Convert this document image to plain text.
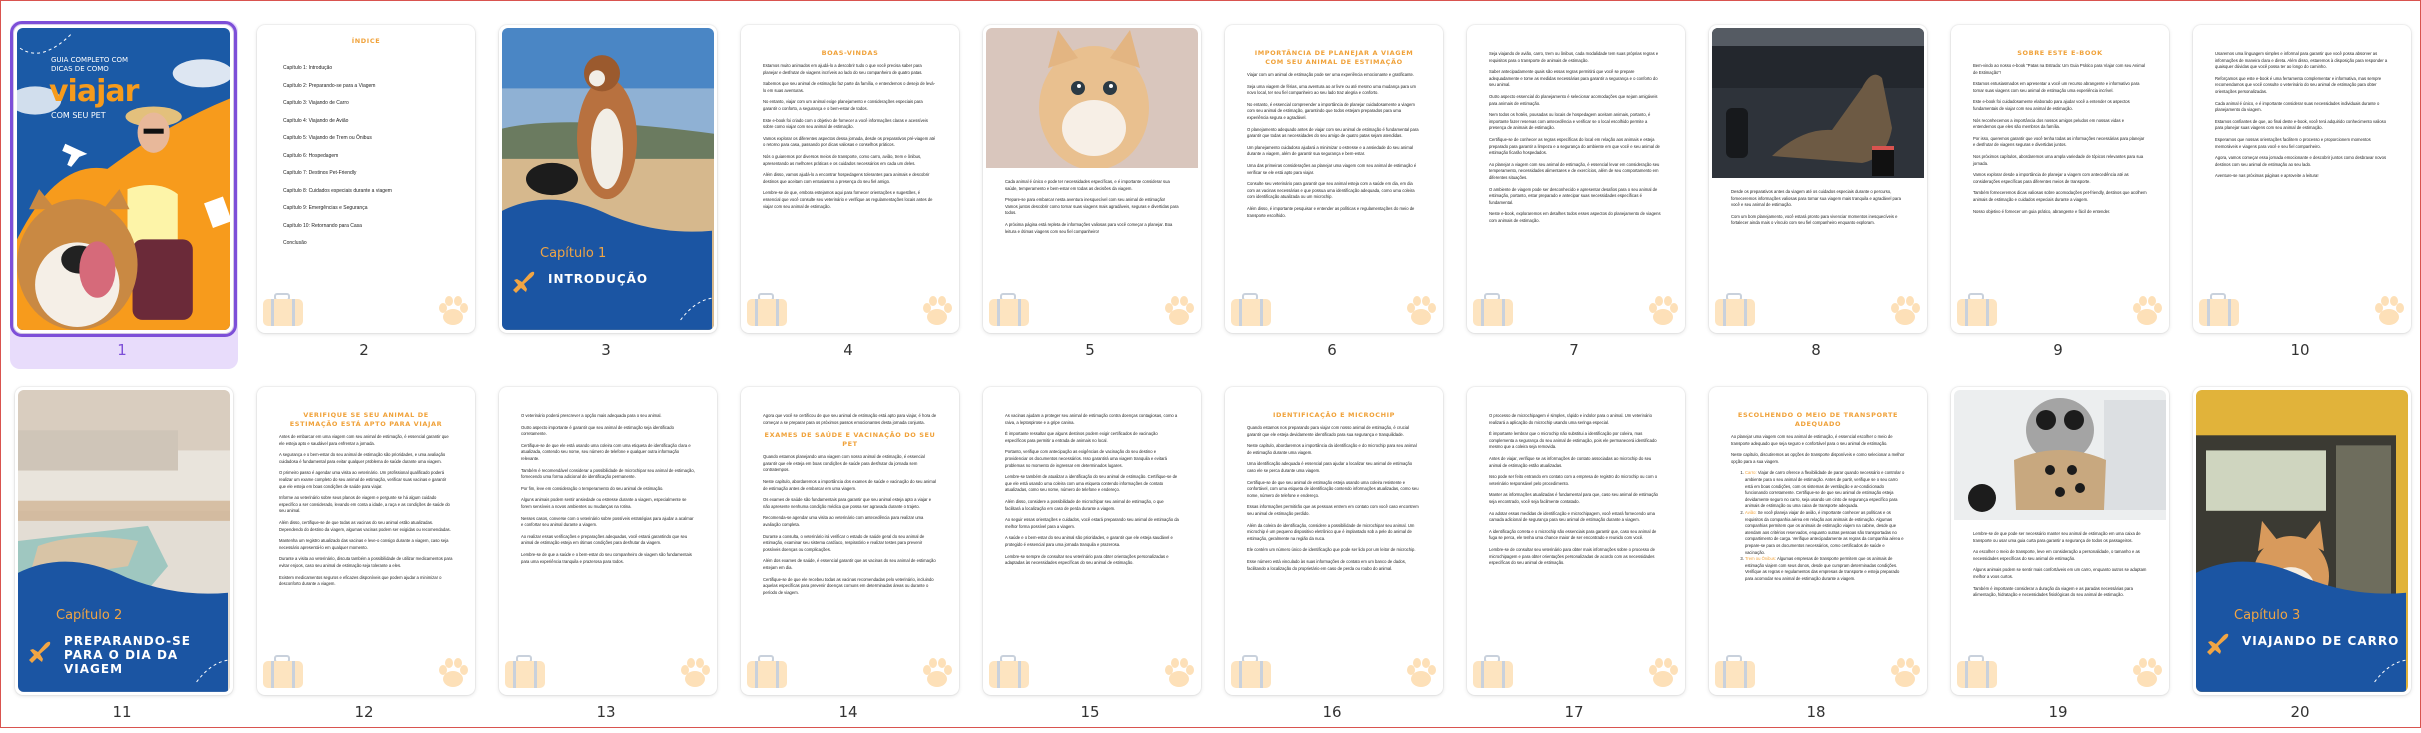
GUIA COMPLETO COM DICAS DE COMO
viajar
COM SEU PET
1
ÍNDICE
Capítulo 1: Introdução
Capítulo 2: Preparando-se para a Viagem
Capítulo 3: Viajando de Carro
Capítulo 4: Viajando de Avião
Capítulo 5: Viajando de Trem ou Ônibus
Capítulo 6: Hospedagem
Capítulo 7: Destinos Pet-Friendly
Capítulo 8: Cuidados especiais durante a viagem
Capítulo 9: Emergências e Segurança
Capítulo 10: Retornando para Casa
Conclusão
2
Capítulo 1
INTRODUÇÃO
3
BOAS-VINDAS

Estamos muito animados em ajudá-lo a descobrir tudo o que você precisa saber para planejar e desfrutar de viagens incríveis ao lado do seu companheiro de quatro patas.

Sabemos que seu animal de estimação faz parte da família, e entendemos o desejo de levá-lo em suas aventuras.

No entanto, viajar com um animal exige planejamento e considerações especiais para garantir o conforto, a segurança e o bem-estar de todos.

Este e-book foi criado com o objetivo de fornecer a você informações claras e acessíveis sobre como viajar com seu animal de estimação.

Vamos explorar os diferentes aspectos dessa jornada, desde os preparativos pré-viagem até o retorno para casa, passando por dicas valiosas e conselhos práticos.

Nós o guiaremos por diversos meios de transporte, como carro, avião, trem e ônibus, apresentando as melhores práticas e os cuidados necessários em cada um deles.

Além disso, vamos ajudá-lo a encontrar hospedagens tolerantes para animais e descobrir destinos que aceitam com entusiasmo a presença do seu fiel amigo.

Lembre-se de que, embora estejamos aqui para fornecer orientações e sugestões, é essencial que você consulte seu veterinário e verifique as regulamentações locais antes de viajar com seu animal de estimação.

4

Cada animal é único e pode ter necessidades específicas, e é importante considerar sua saúde, temperamento e bem-estar em todas as decisões da viagem.

Prepare-se para embarcar nesta aventura inesquecível com seu animal de estimação! Vamos juntos descobrir como tornar suas viagens mais agradáveis, seguras e divertidas para todos.

A próxima página está repleta de informações valiosas para você começar a planejar. Boa leitura e ótimas viagens com seu fiel companheiro!

5
IMPORTÂNCIA DE PLANEJAR A VIAGEM COM SEU ANIMAL DE ESTIMAÇÃO

Viajar com um animal de estimação pode ser uma experiência emocionante e gratificante.

Seja uma viagem de férias, uma aventura ao ar livre ou até mesmo uma mudança para um novo local, ter seu fiel companheiro ao seu lado traz alegria e conforto.

No entanto, é essencial compreender a importância de planejar cuidadosamente a viagem com seu animal de estimação, garantindo que todos estejam preparados para uma experiência segura e agradável.

O planejamento adequado antes de viajar com seu animal de estimação é fundamental para garantir que todas as necessidades do seu amigo de quatro patas sejam atendidas.

Um planejamento cuidadoso ajudará a minimizar o estresse e a ansiedade do seu animal durante a viagem, além de garantir sua segurança e bem-estar.

Uma das primeiras considerações ao planejar uma viagem com seu animal de estimação é verificar se ele está apto para viajar.

Consulte seu veterinário para garantir que seu animal esteja com a saúde em dia, em dia com as vacinas necessárias e que possua uma identificação adequada, como uma coleira com identificação atualizada ou um microchip.

Além disso, é importante pesquisar e entender as políticas e regulamentações do meio de transporte escolhido.

6

Seja viajando de avião, carro, trem ou ônibus, cada modalidade tem suas próprias regras e requisitos para o transporte de animais de estimação.

Saber antecipadamente quais são essas regras permitirá que você se prepare adequadamente e tome as medidas necessárias para garantir a segurança e o conforto do seu animal.

Outro aspecto essencial do planejamento é selecionar acomodações que sejam amigáveis para animais de estimação.

Nem todos os hotéis, pousadas ou locais de hospedagem aceitam animais, portanto, é importante fazer reservas com antecedência e verificar se o local escolhido permite a presença de animais de estimação.

Certifique-se de conhecer as regras específicas do local em relação aos animais e esteja preparado para garantir a limpeza e a segurança do ambiente em que você e seu animal de estimação ficarão hospedados.

Ao planejar a viagem com seu animal de estimação, é essencial levar em consideração seu temperamento, necessidades alimentares e de exercícios, além de seu comportamento em diferentes situações.

O ambiente de viagem pode ser desconhecido e apresentar desafios para o seu animal de estimação, portanto, estar preparado e antecipar suas necessidades específicas é fundamental.

Neste e-book, exploraremos em detalhes todos esses aspectos do planejamento de viagens com animais de estimação.

7

Desde os preparativos antes da viagem até os cuidados especiais durante o percurso, forneceremos informações valiosas para tornar sua viagem mais tranquila e agradável para você e seu animal de estimação.

Com um bom planejamento, você estará pronto para vivenciar momentos inesquecíveis e fortalecer ainda mais o vínculo com seu fiel companheiro enquanto exploram.

8
SOBRE ESTE E-BOOK

Bem-vindo ao nosso e-book "Patas na Estrada: Um Guia Prático para Viajar com seu Animal de Estimação"!

Estamos entusiasmados em apresentar a você um recurso abrangente e informativo para tornar suas viagens com seu animal de estimação uma experiência incrível.

Este e-book foi cuidadosamente elaborado para ajudar você a entender os aspectos fundamentais de viajar com seu animal de estimação.

Nós reconhecemos a importância dos nossos amigos peludos em nossas vidas e entendemos que eles são membros da família.

Por isso, queremos garantir que você tenha todas as informações necessárias para planejar e desfrutar de viagens seguras e divertidas juntos.

Nos próximos capítulos, abordaremos uma ampla variedade de tópicos relevantes para sua jornada.

Vamos explorar desde a importância de planejar a viagem com antecedência até as considerações específicas para diferentes meios de transporte.

Também forneceremos dicas valiosas sobre acomodações pet-friendly, destinos que acolhem animais de estimação e cuidados especiais durante a viagem.

Nosso objetivo é fornecer um guia prático, abrangente e fácil de entender.

9

Usaremos uma linguagem simples e informal para garantir que você possa absorver as informações de maneira clara e direta. Além disso, estaremos à disposição para responder a quaisquer dúvidas que você possa ter ao longo do caminho.

Reforçamos que este e-book é uma ferramenta complementar e informativa, mas sempre recomendamos que você consulte o veterinário do seu animal de estimação para obter orientações personalizadas.

Cada animal é único, e é importante considerar suas necessidades individuais durante o planejamento da viagem.

Estamos confiantes de que, ao final deste e-book, você terá adquirido conhecimento valioso para planejar suas viagens com seu animal de estimação.

Esperamos que nossas orientações facilitem o processo e proporcionem momentos memoráveis e viagens para você e seu fiel companheiro.

Agora, vamos começar essa jornada emocionante e descobrir juntos como desbravar novos destinos com seu animal de estimação ao seu lado.

Aventure-se nas próximas páginas e aproveite a leitura!

10
Capítulo 2
PREPARANDO-SE PARA O DIA DA VIAGEM
11
VERIFIQUE SE SEU ANIMAL DE ESTIMAÇÃO ESTÁ APTO PARA VIAJAR

Antes de embarcar em uma viagem com seu animal de estimação, é essencial garantir que ele esteja apto e saudável para enfrentar a jornada.

A segurança e o bem-estar do seu animal de estimação são prioridades, e uma avaliação cuidadosa é fundamental para evitar qualquer problema de saúde durante uma viagem.

O primeiro passo é agendar uma visita ao veterinário. Um profissional qualificado poderá realizar um exame completo do seu animal de estimação, verificar suas vacinas e garantir que ele esteja em boas condições de saúde para viajar.

Informe ao veterinário sobre seus planos de viagem e pergunte se há algum cuidado específico a ser considerado, levando em conta a idade, a raça e as condições de saúde do seu animal.

Além disso, certifique-se de que todas as vacinas do seu animal estão atualizadas. Dependendo do destino da viagem, algumas vacinas podem ser exigidas ou recomendadas.

Mantenha um registro atualizado das vacinas e leve-o consigo durante a viagem, caso seja necessário apresentá-lo em qualquer momento.

Durante a visita ao veterinário, discuta também a possibilidade de utilizar medicamentos para evitar enjoos, caso seu animal de estimação seja tolerante a eles.

Existem medicamentos seguros e eficazes disponíveis que podem ajudar a minimizar o desconforto durante a viagem.

12

O veterinário poderá prescrever a opção mais adequada para o seu animal.

Outro aspecto importante é garantir que seu animal de estimação seja identificado corretamente.

Certifique-se de que ele está usando uma coleira com uma etiqueta de identificação clara e atualizada, contendo seu nome, seu número de telefone e qualquer outra informação relevante.

Também é recomendável considerar a possibilidade de microchipar seu animal de estimação, fornecendo uma forma adicional de identificação permanente.

Por fim, leve em consideração o temperamento do seu animal de estimação.

Alguns animais podem sentir ansiedade ou estresse durante a viagem, especialmente se forem sensíveis a novos ambientes ou mudanças na rotina.

Nesses casos, converse com o veterinário sobre possíveis estratégias para ajudar a acalmar e confortar seu animal durante a viagem.

Ao realizar essas verificações e preparações adequadas, você estará garantindo que seu animal de estimação esteja em ótimas condições para desfrutar da viagem.

Lembre-se de que a saúde e o bem-estar do seu companheiro de viagem são fundamentais para uma experiência tranquila e prazerosa para todos.

13

Agora que você se certificou de que seu animal de estimação está apto para viajar, é hora de começar a se preparar para os próximos passos emocionantes desta jornada conjunta.

EXAMES DE SAÚDE E VACINAÇÃO DO SEU PET

Quando estamos planejando uma viagem com nosso animal de estimação, é essencial garantir que ele esteja em boas condições de saúde para desfrutar da jornada sem contratempos.

Neste capítulo, abordaremos a importância dos exames de saúde e vacinação do seu animal de estimação antes de embarcar em uma viagem.

Os exames de saúde são fundamentais para garantir que seu animal esteja apto a viajar e não apresente nenhuma condição médica que possa ser agravada durante o trajeto.

Recomenda-se agendar uma visita ao veterinário com antecedência para realizar uma avaliação completa.

Durante a consulta, o veterinário irá verificar o estado de saúde geral do seu animal de estimação, examinar seu sistema cardíaco, respiratório e realizar testes para prevenir possíveis doenças ou complicações.

Além dos exames de saúde, é essencial garantir que as vacinas do seu animal de estimação estejam em dia.

Certifique-se de que ele recebeu todas as vacinas recomendadas pelo veterinário, incluindo aquelas específicas para prevenir doenças comuns em determinadas áreas ou durante o período de viagem.

14

As vacinas ajudam a proteger seu animal de estimação contra doenças contagiosas, como a raiva, a leptospirose e a gripe canina.

É importante ressaltar que alguns destinos podem exigir certificados de vacinação específicos para permitir a entrada de animais no local.

Portanto, verifique com antecipação as exigências de vacinação do seu destino e providenciar os documentos necessários. Isso garantirá uma viagem tranquila e evitará problemas no momento de ingressar em determinados lugares.

Lembre-se também de atualizar a identificação do seu animal de estimação. Certifique-se de que ele está usando uma coleira com uma etiqueta contendo informações de contato atualizadas, como seu nome, número de telefone e endereço.

Além disso, considere a possibilidade de microchipar seu animal de estimação, o que facilitará a localização em caso de perda durante a viagem.

Ao seguir essas orientações e cuidados, você estará preparando seu animal de estimação da melhor forma possível para a viagem.

A saúde e o bem-estar do seu animal são prioridades, e garantir que ele esteja saudável e protegido é essencial para uma jornada tranquila e prazerosa.

Lembre-se sempre de consultar seu veterinário para obter orientações personalizadas e adaptadas às necessidades específicas do seu animal de estimação.

15
IDENTIFICAÇÃO E MICROCHIP

Quando estamos nos preparando para viajar com nosso animal de estimação, é crucial garantir que ele esteja devidamente identificado para sua segurança e tranquilidade.

Neste capítulo, abordaremos a importância da identificação e do microchip para seu animal de estimação durante uma viagem.

Uma identificação adequada é essencial para ajudar a localizar seu animal de estimação caso ele se perca durante uma viagem.

Certifique-se de que seu animal de estimação esteja usando uma coleira resistente e confortável, com uma etiqueta de identificação contendo informações atualizadas, como seu nome, número de telefone e endereço.

Essas informações permitirão que as pessoas entrem em contato com você caso encontrem seu animal de estimação perdido.

Além da coleira de identificação, considere a possibilidade de microchipar seu animal. Um microchip é um pequeno dispositivo eletrônico que é implantado sob a pele do animal de estimação, geralmente na região da nuca.

Ele contém um número único de identificação que pode ser lido por um leitor de microchip.

Esse número está vinculado às suas informações de contato em um banco de dados, facilitando a localização do proprietário em caso de perda ou roubo do animal.

16

O processo de microchipagem é simples, rápido e indolor para o animal. Um veterinário realizará a aplicação do microchip usando uma seringa especial.

É importante lembrar que o microchip não substitui a identificação por coleira, mas complementa a segurança do seu animal de estimação, pois ele permanecerá identificado mesmo que a coleira seja removida.

Antes de viajar, verifique se as informações de contato associadas ao microchip do seu animal de estimação estão atualizadas.

Isso pode ser feito entrando em contato com a empresa de registro do microchip ou com o veterinário responsável pelo procedimento.

Manter as informações atualizadas é fundamental para que, caso seu animal de estimação seja encontrado, você seja facilmente contatado.

Ao adotar essas medidas de identificação e microchipagem, você estará fornecendo uma camada adicional de segurança para seu animal de estimação durante a viagem.

A identificação correta e o microchip são essenciais para garantir que, caso seu animal de fuga se perca, ele tenha uma chance maior de ser encontrado e reunido com você.

Lembre-se de consultar seu veterinário para obter mais informações sobre o processo de microchipagem e para obter orientações personalizadas de acordo com as necessidades específicas do seu animal de estimação.

17
ESCOLHENDO O MEIO DE TRANSPORTE ADEQUADO

Ao planejar uma viagem com seu animal de estimação, é essencial escolher o meio de transporte adequado que seja seguro e confortável para o seu animal de estimação.

Neste capítulo, discutiremos as opções de transporte disponíveis e como selecionar a melhor opção para a sua viagem.

1. Carro: Viajar de carro oferece a flexibilidade de parar quando necessário e controlar o ambiente para o seu animal de estimação. Antes de partir, verifique se o seu carro está em boas condições, com os sistemas de ventilação e ar-condicionado funcionando corretamente. Certifique-se de que seu animal de estimação esteja devidamente seguro no carro, seja usando um cinto de segurança específico para animais de estimação ou uma caixa de transporte adequada.
2. Avião: Se você planeja viajar de avião, é importante conhecer as políticas e os requisitos da companhia aérea em relação aos animais de estimação. Algumas companhias permitem que os animais de estimação viajem na cabine, desde que atendam aos critérios reservados, enquanto outras pessoas são transportadas no compartimento de carga. Verifique antecipadamente as regras da companhia aérea e prepare-se para os documentos necessários, como certificados de saúde e vacinação.
3. Trem ou Ônibus: Algumas empresas de transporte permitem que os animais de estimação viajem com seus donos, desde que cumpram determinadas condições. Verifique as regras e regulamentos das empresas de transporte e esteja preparado para acomodar seu animal de estimação durante a viagem.
18

Lembre-se de que pode ser necessário manter seu animal de estimação em uma caixa de transporte ou usar uma guia curta para garantir a segurança de todos os passageiros.

Ao escolher o meio de transporte, leve em consideração a personalidade, o tamanho e as necessidades específicas do seu animal de estimação.

Alguns animais podem se sentir mais confortáveis em um carro, enquanto outros se adaptam melhor a voos curtos.

Também é importante considerar a duração da viagem e as paradas necessárias para alimentação, hidratação e necessidades fisiológicas do seu animal de estimação.

19
Capítulo 3
VIAJANDO DE CARRO
20
